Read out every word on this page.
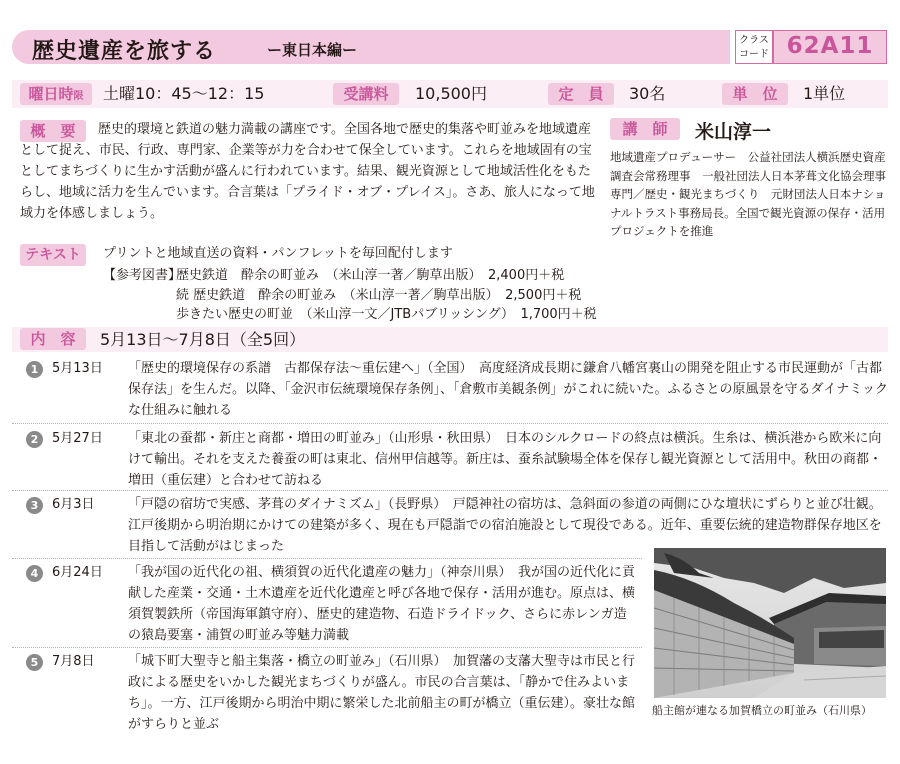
歴史遺産を旅する	ー東日本編ー
クラス
コード 62A11
曜日時限	土曜10：45〜12：15	受講料	10,500円	定　員	30名	単　位	1単位
概　要	歴史的環境と鉄道の魅力満載の講座です。全国各地で歴史的集落や町並みを地域遺産として捉え、市民、行政、専門家、企業等が力を合わせて保全しています。これらを地域固有の宝としてまちづくりに生かす活動が盛んに行われています。結果、観光資源として地域活性化をもたらし、地域に活力を生んでいます。合言葉は「プライド・オブ・プレイス」。さあ、旅人になって地域力を体感しましょう。
講　師	米山淳一
地域遺産プロデューサー　公益社団法人横浜歴史資産調査会常務理事　一般社団法人日本茅葺文化協会理事　専門／歴史・観光まちづくり　元財団法人日本ナショナルトラスト事務局長。全国で観光資源の保存・活用プロジェクトを推進
テキスト	プリントと地域直送の資料・パンフレットを毎回配付します
【参考図書】
歴史鉄道　酔余の町並み　（米山淳一著／駒草出版）　2,400円＋税
続 歴史鉄道　酔余の町並み　（米山淳一著／駒草出版）　2,500円＋税
歩きたい歴史の町並　（米山淳一文／JTBパブリッシング）　1,700円＋税
内　容	5月13日〜7月8日（全5回）
1	5月13日 「歴史的環境保存の系譜　古都保存法〜重伝建へ」（全国）　高度経済成長期に鎌倉八幡宮裏山の開発を阻止する市民運動が「古都保存法」を生んだ。以降、「金沢市伝統環境保存条例」、「倉敷市美観条例」がこれに続いた。ふるさとの原風景を守るダイナミックな仕組みに触れる
2	5月27日 「東北の蚕都・新庄と商都・増田の町並み」（山形県・秋田県）　日本のシルクロードの終点は横浜。生糸は、横浜港から欧米に向けて輸出。それを支えた養蚕の町は東北、信州甲信越等。新庄は、蚕糸試験場全体を保存し観光資源として活用中。秋田の商都・増田（重伝建）と合わせて訪ねる
3	6月3日	「戸隠の宿坊で実感、茅葺のダイナミズム」（長野県）　戸隠神社の宿坊は、急斜面の参道の両側にひな壇状にずらりと並び壮観。江戸後期から明治期にかけての建築が多く、現在も戸隠詣での宿泊施設として現役である。近年、重要伝統的建造物群保存地区を目指して活動がはじまった
4	6月24日 「我が国の近代化の祖、横須賀の近代化遺産の魅力」（神奈川県）　我が国の近代化に貢献した産業・交通・土木遺産を近代化遺産と呼び各地で保存・活用が進む。原点は、横須賀製鉄所（帝国海軍鎮守府）、歴史的建造物、石造ドライドック、さらに赤レンガ造の猿島要塞・浦賀の町並み等魅力満載
5	7月8日	「城下町大聖寺と船主集落・橋立の町並み」（石川県）　加賀藩の支藩大聖寺は市民と行政による歴史をいかした観光まちづくりが盛ん。市民の合言葉は、「静かで住みよいまち」。一方、江戸後期から明治中期に繁栄した北前船主の町が橋立（重伝建）。豪壮な館がすらりと並ぶ
船主館が連なる加賀橋立の町並み（石川県）
